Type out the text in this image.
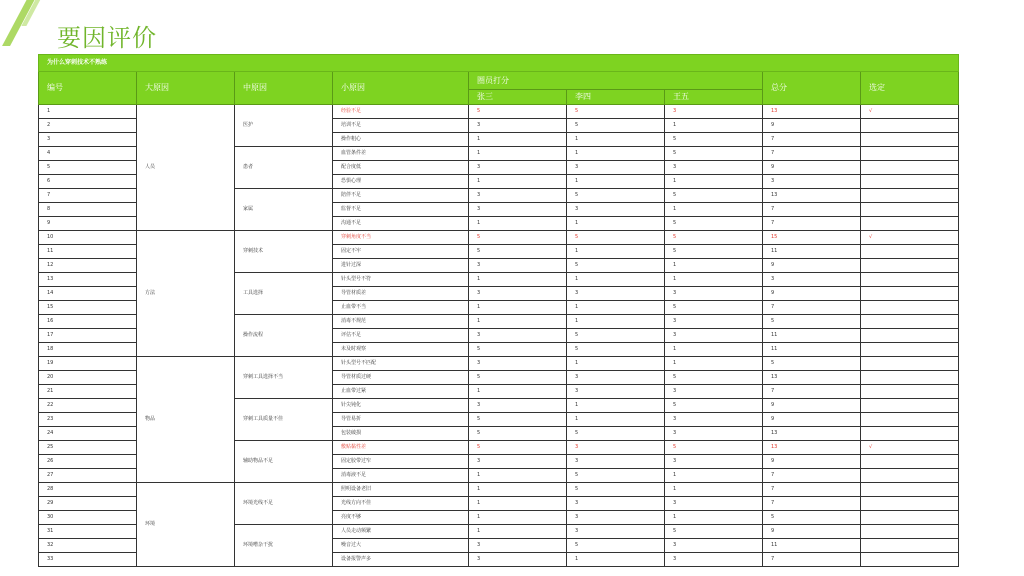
要因评价
为什么穿刺技术不熟练								
编号	大原因	中原因	小原因	圈员打分			总分	选定
				张三	李四	王五		
1	人员	医护	经验不足	5	5	3	13	√
2			培训不足	3	5	1	9	
3			操作粗心	1	1	5	7	
4		患者	血管条件差	1	1	5	7	
5			配合度低	3	3	3	9	
6			恐惧心理	1	1	1	3	
7		家属	陪伴不足	3	5	5	13	
8			监督不足	3	3	1	7	
9			沟通不足	1	1	5	7	
10	方法	穿刺技术	穿刺角度不当	5	5	5	15	√
11			固定不牢	5	1	5	11	
12			进针过深	3	5	1	9	
13		工具选择	针头型号不符	1	1	1	3	
14			导管材质差	3	3	3	9	
15			止血带不当	1	1	5	7	
16		操作流程	消毒不规范	1	1	3	5	
17			评估不足	3	5	3	11	
18			未及时观察	5	5	1	11	
19	物品	穿刺工具选择不当	针头型号不匹配	3	1	1	5	
20			导管材质过硬	5	3	5	13	
21			止血带过紧	1	3	3	7	
22		穿刺工具质量不佳	针尖钝化	3	1	5	9	
23			导管易折	5	1	3	9	
24			包装破损	5	5	3	13	
25		辅助物品不足	敷贴黏性差	5	3	5	13	√
26			固定胶带过窄	3	3	3	9	
27			消毒液不足	1	5	1	7	
28	环境	环境光线不足	照明设备老旧	1	5	1	7	
29			光线方向不佳	1	3	3	7	
30			亮度不够	1	3	1	5	
31		环境嘈杂干扰	人员走动频繁	1	3	5	9	
32			噪音过大	3	5	3	11	
33			设备报警声多	3	1	3	7	
